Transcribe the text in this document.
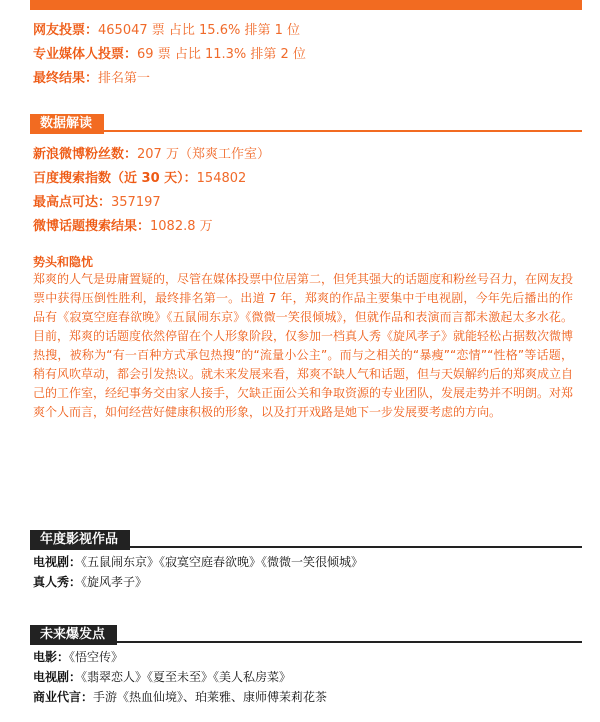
网友投票：465047 票 占比 15.6% 排第 1 位
专业媒体人投票：69 票 占比 11.3% 排第 2 位
最终结果：排名第一
数据解读
新浪微博粉丝数：207 万（郑爽工作室）
百度搜索指数（近 30 天）：154802
最高点可达：357197
微博话题搜索结果：1082.8 万
势头和隐忧

郑爽的人气是毋庸置疑的，尽管在媒体投票中位居第二，但凭其强大的话题度和粉丝号召力，在网友投票中获得压倒性胜利，最终排名第一。出道 7 年，郑爽的作品主要集中于电视剧，今年先后播出的作品有《寂寞空庭春欲晚》《五鼠闹东京》《微微一笑很倾城》，但就作品和表演而言都未激起太多水花。目前，郑爽的话题度依然停留在个人形象阶段，仅参加一档真人秀《旋风孝子》就能轻松占据数次微博热搜，被称为“有一百种方式承包热搜”的“流量小公主”。而与之相关的“暴瘦”“恋情”“性格”等话题，稍有风吹草动，都会引发热议。就未来发展来看，郑爽不缺人气和话题，但与天娱解约后的郑爽成立自己的工作室，经纪事务交由家人接手，欠缺正面公关和争取资源的专业团队，发展走势并不明朗。对郑爽个人而言，如何经营好健康积极的形象，以及打开戏路是她下一步发展要考虑的方向。

年度影视作品
电视剧：《五鼠闹东京》《寂寞空庭春欲晚》《微微一笑很倾城》
真人秀：《旋风孝子》
未来爆发点
电影：《悟空传》
电视剧：《翡翠恋人》《夏至未至》《美人私房菜》
商业代言：手游《热血仙境》、珀莱雅、康师傅茉莉花茶
